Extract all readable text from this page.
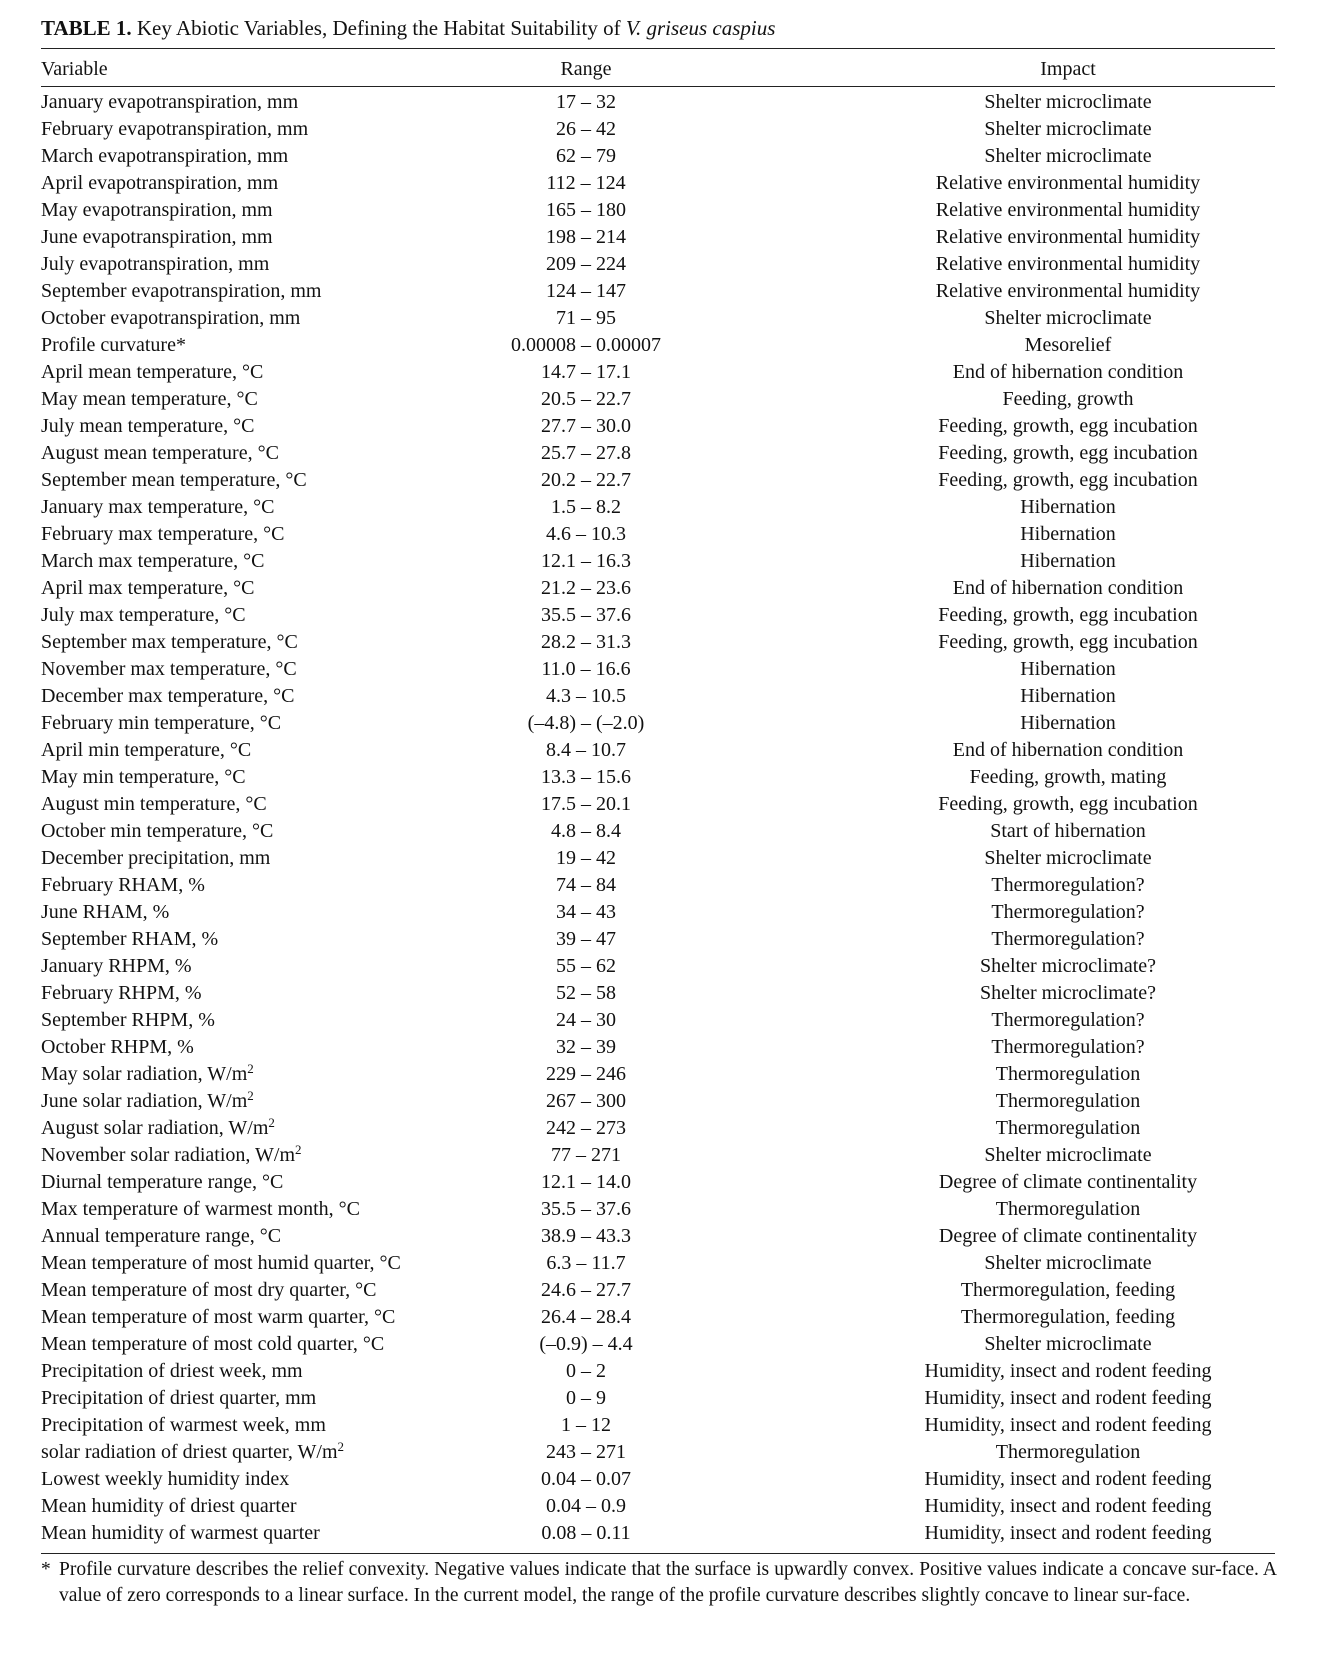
TABLE 1. Key Abiotic Variables, Defining the Habitat Suitability of V. griseus caspius
Variable	Range	Impact
January evapotranspiration, mm	17 – 32	Shelter microclimate
February evapotranspiration, mm	26 – 42	Shelter microclimate
March evapotranspiration, mm	62 – 79	Shelter microclimate
April evapotranspiration, mm	112 – 124	Relative environmental humidity
May evapotranspiration, mm	165 – 180	Relative environmental humidity
June evapotranspiration, mm	198 – 214	Relative environmental humidity
July evapotranspiration, mm	209 – 224	Relative environmental humidity
September evapotranspiration, mm	124 – 147	Relative environmental humidity
October evapotranspiration, mm	71 – 95	Shelter microclimate
Profile curvature*	0.00008 – 0.00007	Mesorelief
April mean temperature, °C	14.7 – 17.1	End of hibernation condition
May mean temperature, °C	20.5 – 22.7	Feeding, growth
July mean temperature, °C	27.7 – 30.0	Feeding, growth, egg incubation
August mean temperature, °C	25.7 – 27.8	Feeding, growth, egg incubation
September mean temperature, °C	20.2 – 22.7	Feeding, growth, egg incubation
January max temperature, °C	1.5 – 8.2	Hibernation
February max temperature, °C	4.6 – 10.3	Hibernation
March max temperature, °C	12.1 – 16.3	Hibernation
April max temperature, °C	21.2 – 23.6	End of hibernation condition
July max temperature, °C	35.5 – 37.6	Feeding, growth, egg incubation
September max temperature, °C	28.2 – 31.3	Feeding, growth, egg incubation
November max temperature, °C	11.0 – 16.6	Hibernation
December max temperature, °C	4.3 – 10.5	Hibernation
February min temperature, °C	(–4.8) – (–2.0)	Hibernation
April min temperature, °C	8.4 – 10.7	End of hibernation condition
May min temperature, °C	13.3 – 15.6	Feeding, growth, mating
August min temperature, °C	17.5 – 20.1	Feeding, growth, egg incubation
October min temperature, °C	4.8 – 8.4	Start of hibernation
December precipitation, mm	19 – 42	Shelter microclimate
February RHAM, %	74 – 84	Thermoregulation?
June RHAM, %	34 – 43	Thermoregulation?
September RHAM, %	39 – 47	Thermoregulation?
January RHPM, %	55 – 62	Shelter microclimate?
February RHPM, %	52 – 58	Shelter microclimate?
September RHPM, %	24 – 30	Thermoregulation?
October RHPM, %	32 – 39	Thermoregulation?
May solar radiation, $W/m^2$	229 – 246	Thermoregulation
June solar radiation, $W/m^2$	267 – 300	Thermoregulation
August solar radiation, $W/m^2$	242 – 273	Thermoregulation
November solar radiation, $W/m^2$	77 – 271	Shelter microclimate
Diurnal temperature range, °C	12.1 – 14.0	Degree of climate continentality
Max temperature of warmest month, °C	35.5 – 37.6	Thermoregulation
Annual temperature range, °C	38.9 – 43.3	Degree of climate continentality
Mean temperature of most humid quarter, °C	6.3 – 11.7	Shelter microclimate
Mean temperature of most dry quarter, °C	24.6 – 27.7	Thermoregulation, feeding
Mean temperature of most warm quarter, °C	26.4 – 28.4	Thermoregulation, feeding
Mean temperature of most cold quarter, °C	(–0.9) – 4.4	Shelter microclimate
Precipitation of driest week, mm	0 – 2	Humidity, insect and rodent feeding
Precipitation of driest quarter, mm	0 – 9	Humidity, insect and rodent feeding
Precipitation of warmest week, mm	1 – 12	Humidity, insect and rodent feeding
solar radiation of driest quarter, $W/m^2$	243 – 271	Thermoregulation
Lowest weekly humidity index	0.04 – 0.07	Humidity, insect and rodent feeding
Mean humidity of driest quarter	0.04 – 0.9	Humidity, insect and rodent feeding
Mean humidity of warmest quarter	0.08 – 0.11	Humidity, insect and rodent feeding
* Profile curvature describes the relief convexity. Negative values indicate that the surface is upwardly convex. Positive values indicate a concave sur-face. A value of zero corresponds to a linear surface. In the current model, the range of the profile curvature describes slightly concave to linear sur-face.
